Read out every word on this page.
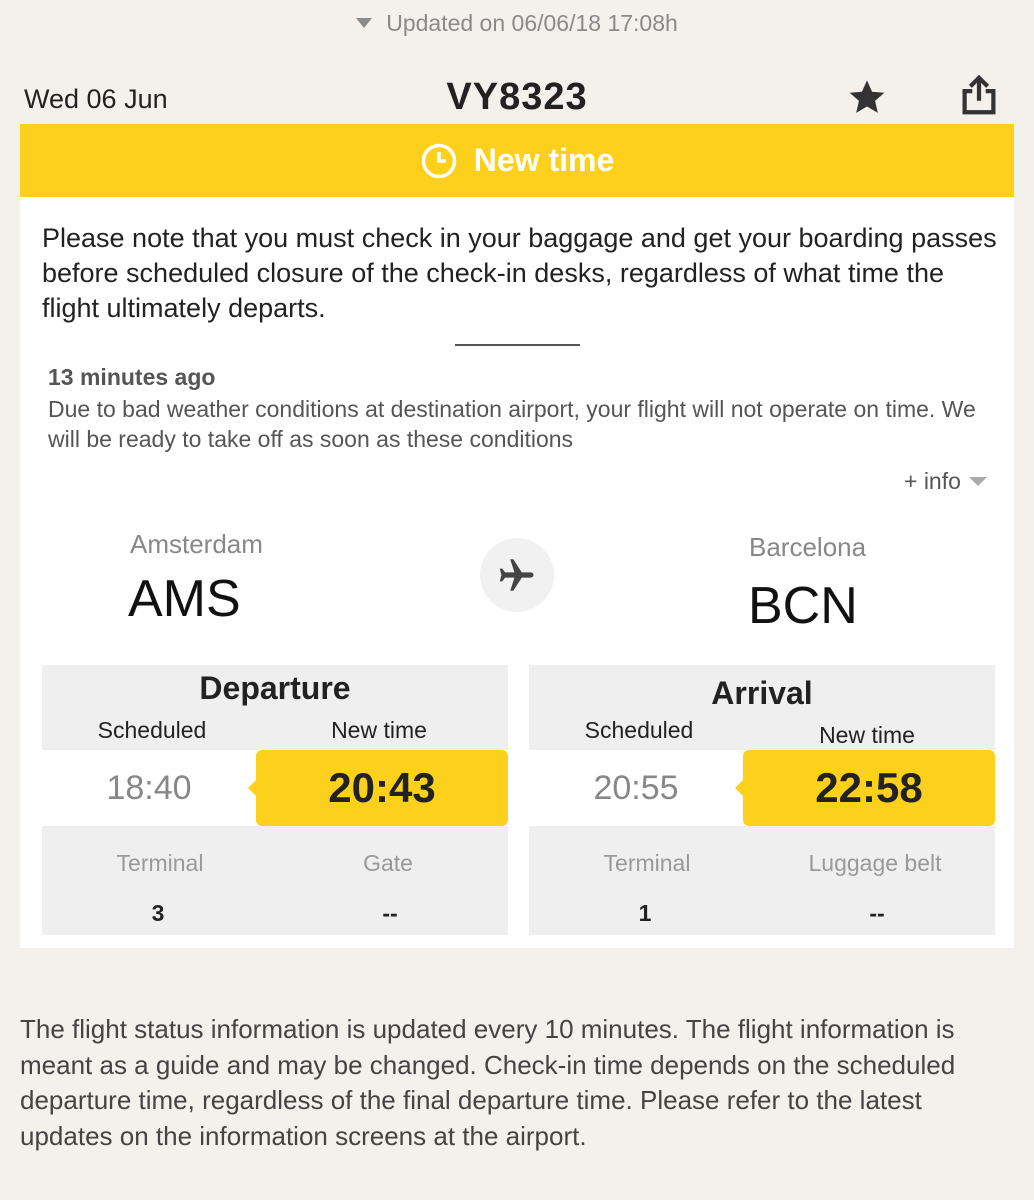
Updated on 06/06/18 17:08h
Wed 06 Jun	VY8323
New time
Please note that you must check in your baggage and get your boarding passes before scheduled closure of the check-in desks, regardless of what time the flight ultimately departs.
13 minutes ago
Due to bad weather conditions at destination airport, your flight will not operate on time. We will be ready to take off as soon as these conditions
+ info
Amsterdam
AMS
Barcelona
BCN
Departure
Scheduled	New time
18:40	20:43
Terminal
3
Gate
--
Arrival
Scheduled	New time
20:55	22:58
Terminal
1
Luggage belt
--
The flight status information is updated every 10 minutes. The flight information is meant as a guide and may be changed. Check-in time depends on the scheduled departure time, regardless of the final departure time. Please refer to the latest updates on the information screens at the airport.
